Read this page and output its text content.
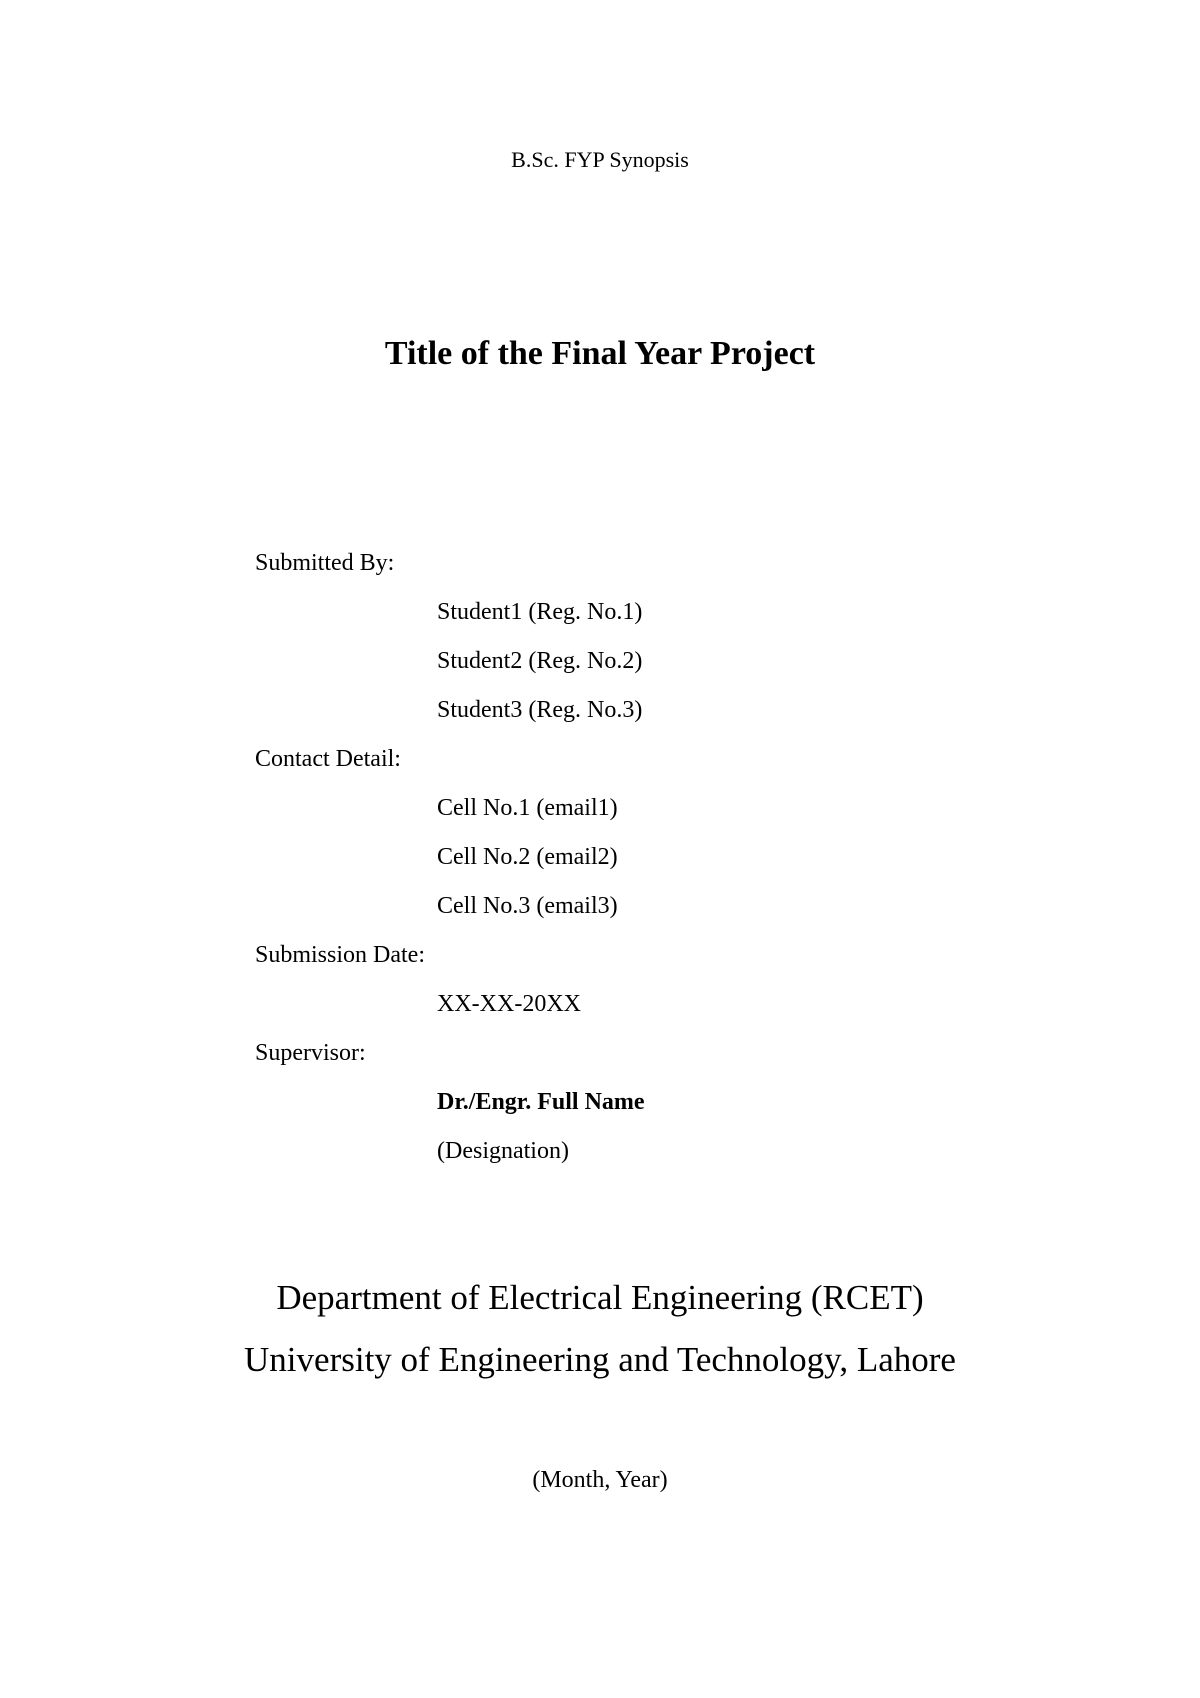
B.Sc. FYP Synopsis
Title of the Final Year Project
Submitted By:
Student1 (Reg. No.1)
Student2 (Reg. No.2)
Student3 (Reg. No.3)
Contact Detail:
Cell No.1 (email1)
Cell No.2 (email2)
Cell No.3 (email3)
Submission Date:
XX-XX-20XX
Supervisor:
Dr./Engr. Full Name
(Designation)
Department of Electrical Engineering (RCET)
University of Engineering and Technology, Lahore
(Month, Year)
